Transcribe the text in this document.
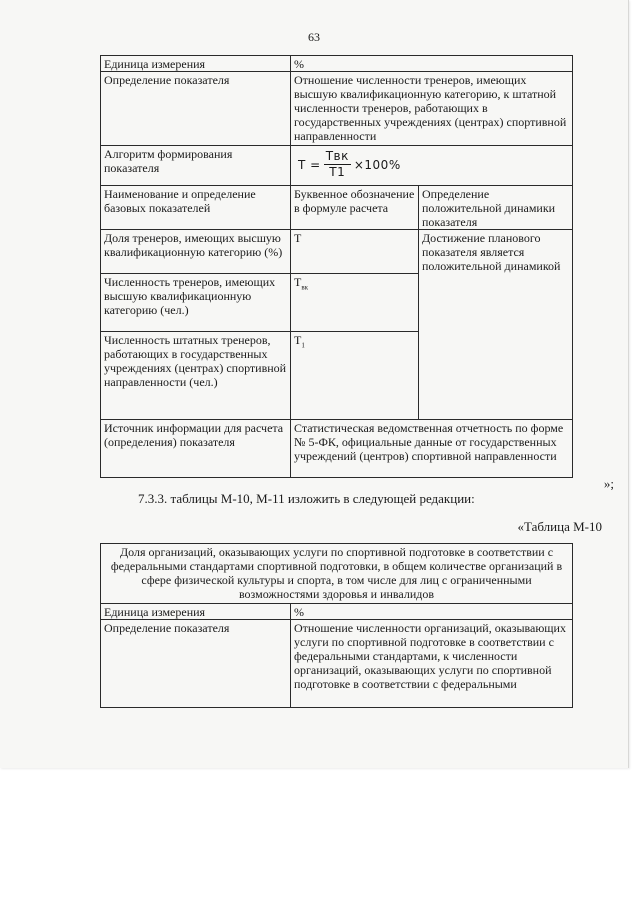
63
Единица измерения	%	
Определение показателя	Отношение численности тренеров, имеющих высшую квалификационную категорию, к штатной численности тренеров, работающих в государственных учреждениях (центрах) спортивной направленности	
Алгоритм формирования показателя	$T = \frac{\text{Tвк}}{T1} \times 100\%$	

Наименование и определение базовых показателей	Буквенное обозначение в формуле расчета	Определение положительной динамики показателя
Доля тренеров, имеющих высшую квалификационную категорию (%)	Т	Достижение планового показателя является положительной динамикой
Численность тренеров, имеющих высшую квалификационную категорию (чел.)	$Т_{вк}$
Численность штатных тренеров, работающих в государственных учреждениях (центрах) спортивной направленности (чел.)	$Т_1$
Источник информации для расчета (определения) показателя	Статистическая ведомственная отчетность по форме № 5-ФК, официальные данные от государственных учреждений (центров) спортивной направленности	
»;
7.3.3. таблицы М-10, М-11 изложить в следующей редакции:
«Таблица М-10
Доля организаций, оказывающих услуги по спортивной подготовке в соответствии с федеральными стандартами спортивной подготовки, в общем количестве организаций в сфере физической культуры и спорта, в том числе для лиц с ограниченными возможностями здоровья и инвалидов	
Единица измерения	%
Определение показателя	Отношение численности организаций, оказывающих услуги по спортивной подготовке в соответствии с федеральными стандартами, к численности организаций, оказывающих услуги по спортивной подготовке в соответствии с федеральными
